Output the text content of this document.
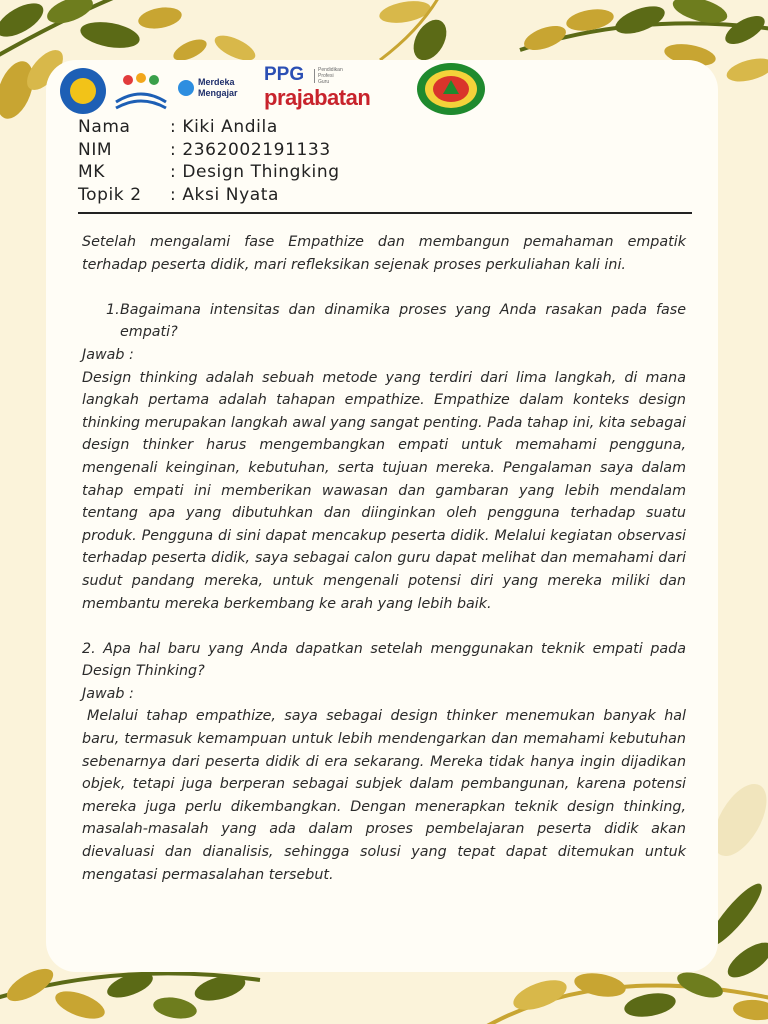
Merdeka
Mengajar
PPG	Pendidikan
Profesi
Guru
prajabatan
Nama	: Kiki Andila
NIM	: 2362002191133
MK	: Design Thingking
Topik 2	: Aksi Nyata

Setelah mengalami fase Empathize dan membangun pemahaman empatik terhadap peserta didik, mari refleksikan sejenak proses perkuliahan kali ini.

1. Bagaimana intensitas dan dinamika proses yang Anda rasakan pada fase empati?

Jawab :

Design thinking adalah sebuah metode yang terdiri dari lima langkah, di mana langkah pertama adalah tahapan empathize. Empathize dalam konteks design thinking merupakan langkah awal yang sangat penting. Pada tahap ini, kita sebagai design thinker harus mengembangkan empati untuk memahami pengguna, mengenali keinginan, kebutuhan, serta tujuan mereka. Pengalaman saya dalam tahap empati ini memberikan wawasan dan gambaran yang lebih mendalam tentang apa yang dibutuhkan dan diinginkan oleh pengguna terhadap suatu produk. Pengguna di sini dapat mencakup peserta didik. Melalui kegiatan observasi terhadap peserta didik, saya sebagai calon guru dapat melihat dan memahami dari sudut pandang mereka, untuk mengenali potensi diri yang mereka miliki dan membantu mereka berkembang ke arah yang lebih baik.

2. Apa hal baru yang Anda dapatkan setelah menggunakan teknik empati pada Design Thinking?

Jawab :

Melalui tahap empathize, saya sebagai design thinker menemukan banyak hal baru, termasuk kemampuan untuk lebih mendengarkan dan memahami kebutuhan sebenarnya dari peserta didik di era sekarang. Mereka tidak hanya ingin dijadikan objek, tetapi juga berperan sebagai subjek dalam pembangunan, karena potensi mereka juga perlu dikembangkan. Dengan menerapkan teknik design thinking, masalah-masalah yang ada dalam proses pembelajaran peserta didik akan dievaluasi dan dianalisis, sehingga solusi yang tepat dapat ditemukan untuk mengatasi permasalahan tersebut.
